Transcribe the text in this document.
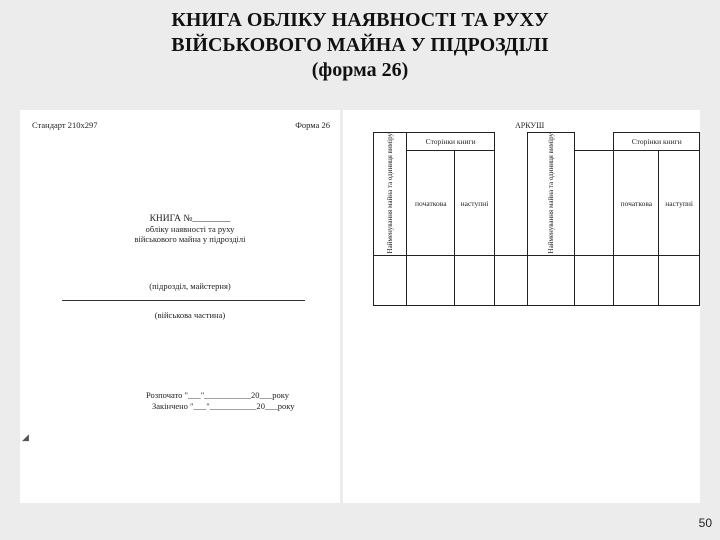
КНИГА ОБЛІКУ НАЯВНОСТІ ТА РУХУ
ВІЙСЬКОВОГО МАЙНА У ПІДРОЗДІЛІ
(форма 26)
Стандарт 210х297	Форма 26
КНИГА №________
обліку наявності та руху
військового майна у підрозділі
(підрозділ, майстерня)
(військова частина)
Розпочато "___"___________20___року
Закінчено "___"___________20___року
◢
АРКУШ
Найменування майна та одиниця виміру	Сторінки книги			Найменування майна та одиниця виміру		Сторінки книги	
	початкова	наступні				початкова	наступні

50
